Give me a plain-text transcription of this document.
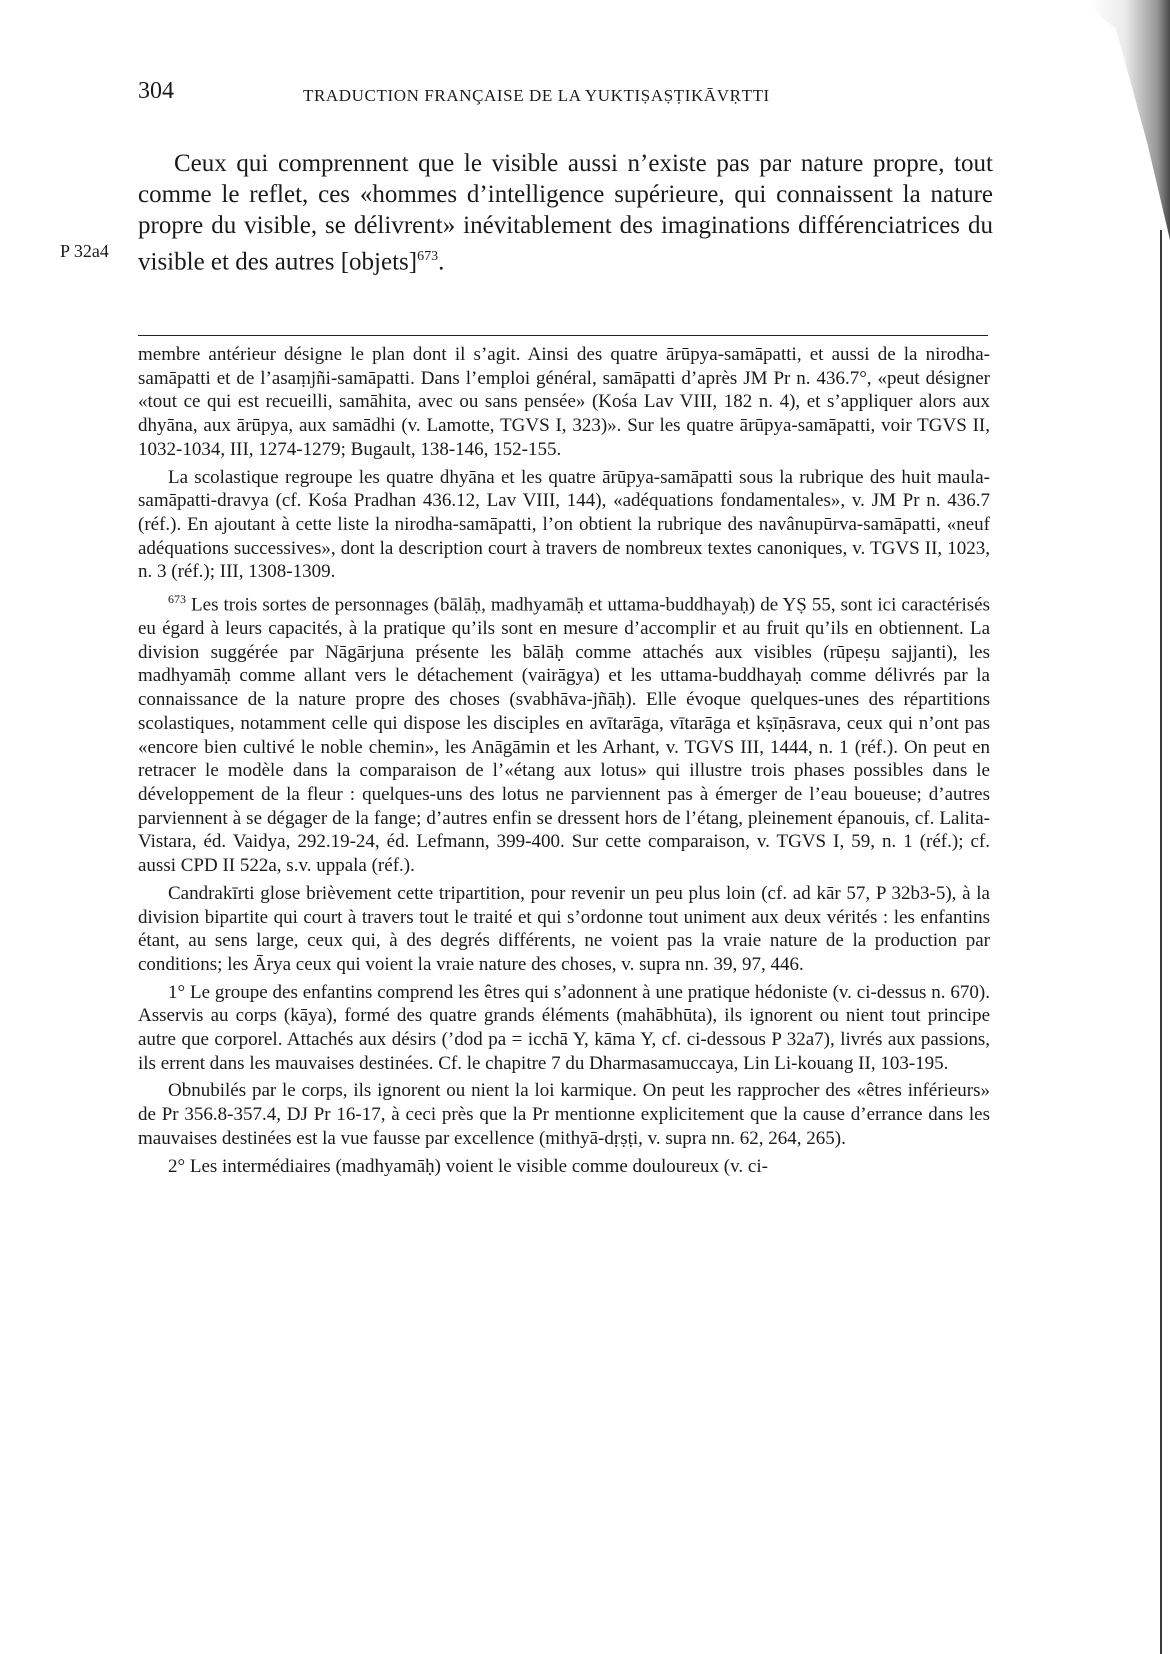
304	TRADUCTION FRANÇAISE DE LA YUKTIṢAṢṬIKĀVṚTTI
P 32a4

Ceux qui comprennent que le visible aussi n’existe pas par nature propre, tout comme le reflet, ces «hommes d’intelligence supérieure, qui connaissent la nature propre du visible, se délivrent» inévitablement des imaginations différenciatrices du visible et des autres [objets]$^{673}$.

membre antérieur désigne le plan dont il s’agit. Ainsi des quatre ārūpya-samāpatti, et aussi de la nirodha-samāpatti et de l’asaṃjñi-samāpatti. Dans l’emploi général, samāpatti d’après JM Pr n. 436.7°, «peut désigner «tout ce qui est recueilli, samāhita, avec ou sans pensée» (Kośa Lav VIII, 182 n. 4), et s’appliquer alors aux dhyāna, aux ārūpya, aux samādhi (v. Lamotte, TGVS I, 323)». Sur les quatre ārūpya-samāpatti, voir TGVS II, 1032-1034, III, 1274-1279; Bugault, 138-146, 152-155.

La scolastique regroupe les quatre dhyāna et les quatre ārūpya-samāpatti sous la rubrique des huit maula-samāpatti-dravya (cf. Kośa Pradhan 436.12, Lav VIII, 144), «adéquations fondamentales», v. JM Pr n. 436.7 (réf.). En ajoutant à cette liste la nirodha-samāpatti, l’on obtient la rubrique des navânupūrva-samāpatti, «neuf adéquations successives», dont la description court à travers de nombreux textes canoniques, v. TGVS II, 1023, n. 3 (réf.); III, 1308-1309.

$^{673}$ Les trois sortes de personnages (bālāḥ, madhyamāḥ et uttama-buddhayaḥ) de YṢ 55, sont ici caractérisés eu égard à leurs capacités, à la pratique qu’ils sont en mesure d’accomplir et au fruit qu’ils en obtiennent. La division suggérée par Nāgārjuna présente les bālāḥ comme attachés aux visibles (rūpeṣu sajjanti), les madhyamāḥ comme allant vers le détachement (vairāgya) et les uttama-buddhayaḥ comme délivrés par la connaissance de la nature propre des choses (svabhāva-jñāḥ). Elle évoque quelques-unes des répartitions scolastiques, notamment celle qui dispose les disciples en avītarāga, vītarāga et kṣīṇāsrava, ceux qui n’ont pas «encore bien cultivé le noble chemin», les Anāgāmin et les Arhant, v. TGVS III, 1444, n. 1 (réf.). On peut en retracer le modèle dans la comparaison de l’«étang aux lotus» qui illustre trois phases possibles dans le développement de la fleur : quelques-uns des lotus ne parviennent pas à émerger de l’eau boueuse; d’autres parviennent à se dégager de la fange; d’autres enfin se dressent hors de l’étang, pleinement épanouis, cf. Lalita-Vistara, éd. Vaidya, 292.19-24, éd. Lefmann, 399-400. Sur cette comparaison, v. TGVS I, 59, n. 1 (réf.); cf. aussi CPD II 522a, s.v. uppala (réf.).

Candrakīrti glose brièvement cette tripartition, pour revenir un peu plus loin (cf. ad kār 57, P 32b3-5), à la division bipartite qui court à travers tout le traité et qui s’ordonne tout uniment aux deux vérités : les enfantins étant, au sens large, ceux qui, à des degrés différents, ne voient pas la vraie nature de la production par conditions; les Ārya ceux qui voient la vraie nature des choses, v. supra nn. 39, 97, 446.

1° Le groupe des enfantins comprend les êtres qui s’adonnent à une pratique hédoniste (v. ci-dessus n. 670). Asservis au corps (kāya), formé des quatre grands éléments (mahābhūta), ils ignorent ou nient tout principe autre que corporel. Attachés aux désirs (’dod pa = icchā Y, kāma Y, cf. ci-dessous P 32a7), livrés aux passions, ils errent dans les mauvaises destinées. Cf. le chapitre 7 du Dharmasamuccaya, Lin Li-kouang II, 103-195.

Obnubilés par le corps, ils ignorent ou nient la loi karmique. On peut les rapprocher des «êtres inférieurs» de Pr 356.8-357.4, DJ Pr 16-17, à ceci près que la Pr mentionne explicitement que la cause d’errance dans les mauvaises destinées est la vue fausse par excellence (mithyā-dṛṣṭi, v. supra nn. 62, 264, 265).

2° Les intermédiaires (madhyamāḥ) voient le visible comme douloureux (v. ci-
